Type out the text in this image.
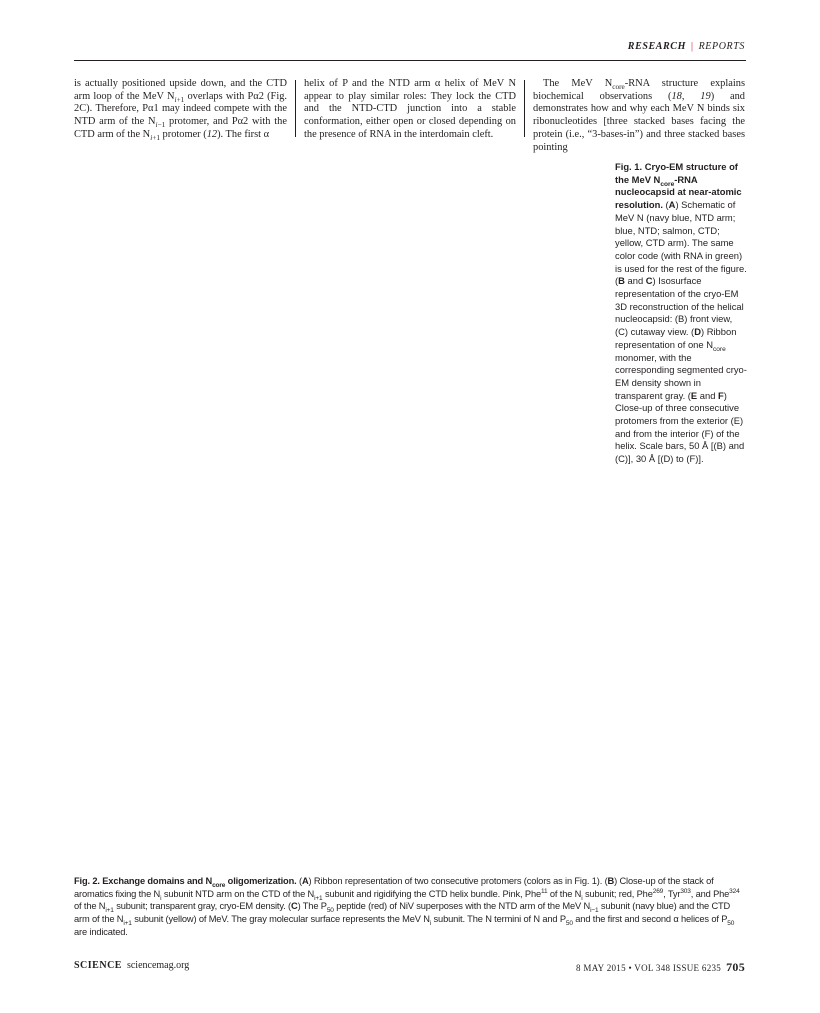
RESEARCH | REPORTS
is actually positioned upside down, and the CTD arm loop of the MeV $N_{i+1}$ overlaps with Pα2 (Fig. 2C). Therefore, Pα1 may indeed compete with the NTD arm of the $N_{i-1}$ protomer, and Pα2 with the CTD arm of the $N_{i+1}$ protomer (12). The first α
helix of P and the NTD arm α helix of MeV N appear to play similar roles: They lock the CTD and the NTD-CTD junction into a stable conformation, either open or closed depending on the presence of RNA in the interdomain cleft.
The MeV $N_{core}$-RNA structure explains biochemical observations (18, 19) and demonstrates how and why each MeV N binds six ribonucleotides [three stacked bases facing the protein (i.e., “3-bases-in”) and three stacked bases pointing
Fig. 1. Cryo-EM structure of the MeV $N_{core}$-RNA nucleocapsid at near-atomic resolution. (A) Schematic of MeV N (navy blue, NTD arm; blue, NTD; salmon, CTD; yellow, CTD arm). The same color code (with RNA in green) is used for the rest of the figure. (B and C) Isosurface representation of the cryo-EM 3D reconstruction of the helical nucleocapsid: (B) front view, (C) cutaway view. (D) Ribbon representation of one $N_{core}$ monomer, with the corresponding segmented cryo-EM density shown in transparent gray. (E and F) Close-up of three consecutive protomers from the exterior (E) and from the interior (F) of the helix. Scale bars, 50 Å [(B) and (C)], 30 Å [(D) to (F)].
Fig. 2. Exchange domains and $N_{core}$ oligomerization. (A) Ribbon representation of two consecutive protomers (colors as in Fig. 1). (B) Close-up of the stack of aromatics fixing the $N_i$ subunit NTD arm on the CTD of the $N_{i+1}$ subunit and rigidifying the CTD helix bundle. Pink, Phe$^{11}$ of the $N_i$ subunit; red, Phe$^{269}$, Tyr$^{303}$, and Phe$^{324}$ of the $N_{i+1}$ subunit; transparent gray, cryo-EM density. (C) The $P_{50}$ peptide (red) of NiV superposes with the NTD arm of the MeV $N_{i-1}$ subunit (navy blue) and the CTD arm of the $N_{i+1}$ subunit (yellow) of MeV. The gray molecular surface represents the MeV $N_i$ subunit. The N termini of N and $P_{50}$ and the first and second α helices of $P_{50}$ are indicated.
SCIENCE sciencemag.org	8 MAY 2015 • VOL 348 ISSUE 6235 705
